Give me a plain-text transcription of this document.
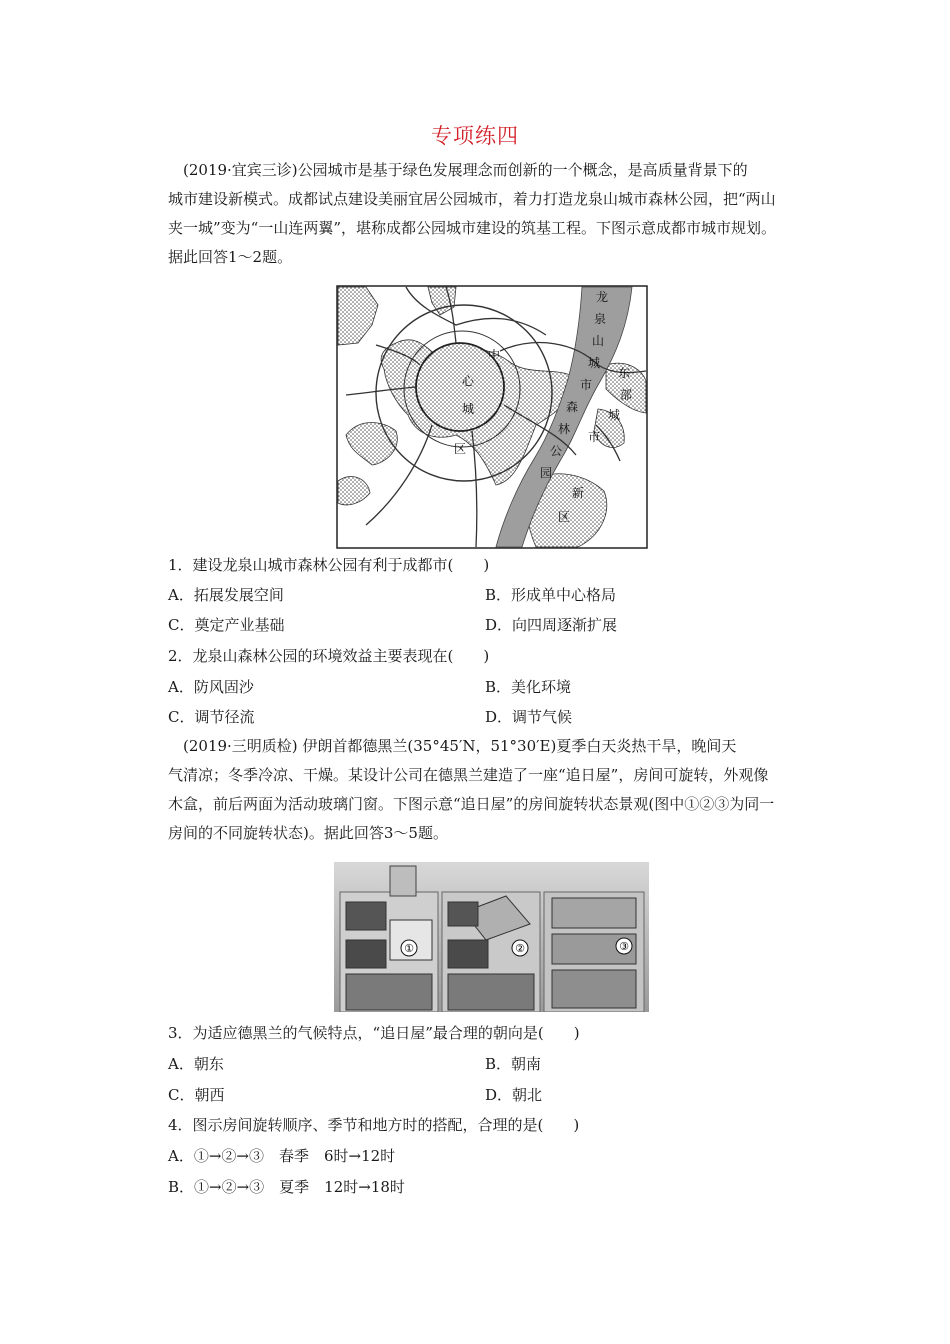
专项练四
(2019·宜宾三诊)公园城市是基于绿色发展理念而创新的一个概念，是高质量背景下的
城市建设新模式。成都试点建设美丽宜居公园城市，着力打造龙泉山城市森林公园，把“两山
夹一城”变为“一山连两翼”，堪称成都公园城市建设的筑基工程。下图示意成都市城市规划。
据此回答1～2题。
中
心
城
区
龙
泉
山
城
市
森
林
公
园
东
部
城
市
新
区
1．建设龙泉山城市森林公园有利于成都市(　　)
A．拓展发展空间	B．形成单中心格局
C．奠定产业基础	D．向四周逐渐扩展
2．龙泉山森林公园的环境效益主要表现在(　　)
A．防风固沙	B．美化环境
C．调节径流	D．调节气候
(2019·三明质检) 伊朗首都德黑兰(35°45′N，51°30′E)夏季白天炎热干旱，晚间天
气清凉；冬季冷凉、干燥。某设计公司在德黑兰建造了一座“追日屋”，房间可旋转，外观像
木盒，前后两面为活动玻璃门窗。下图示意“追日屋”的房间旋转状态景观(图中①②③为同一
房间的不同旋转状态)。据此回答3～5题。
①	②	③
3．为适应德黑兰的气候特点，“追日屋”最合理的朝向是(　　)
A．朝东	B．朝南
C．朝西	D．朝北
4．图示房间旋转顺序、季节和地方时的搭配，合理的是(　　)
A．①→②→③　春季　6时→12时
B．①→②→③　夏季　12时→18时
